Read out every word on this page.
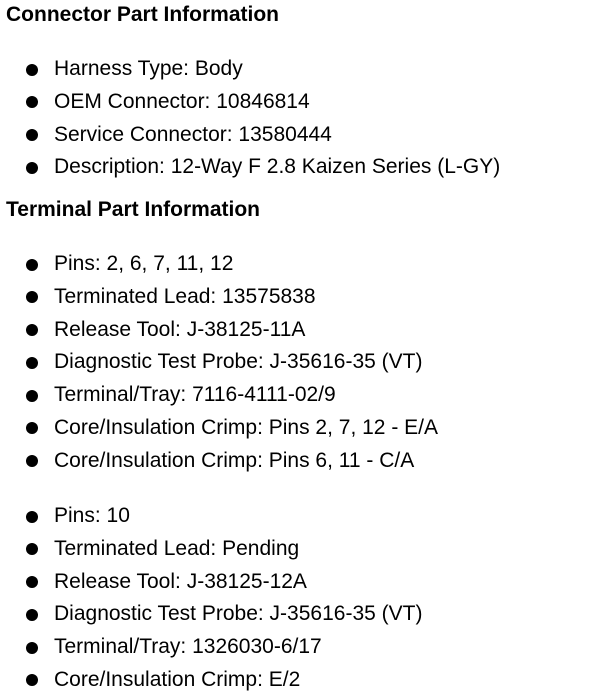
Connector Part Information
Harness Type: Body
OEM Connector: 10846814
Service Connector: 13580444
Description: 12-Way F 2.8 Kaizen Series (L-GY)
Terminal Part Information
Pins: 2, 6, 7, 11, 12
Terminated Lead: 13575838
Release Tool: J-38125-11A
Diagnostic Test Probe: J-35616-35 (VT)
Terminal/Tray: 7116-4111-02/9
Core/Insulation Crimp: Pins 2, 7, 12 - E/A
Core/Insulation Crimp: Pins 6, 11 - C/A
Pins: 10
Terminated Lead: Pending
Release Tool: J-38125-12A
Diagnostic Test Probe: J-35616-35 (VT)
Terminal/Tray: 1326030-6/17
Core/Insulation Crimp: E/2
